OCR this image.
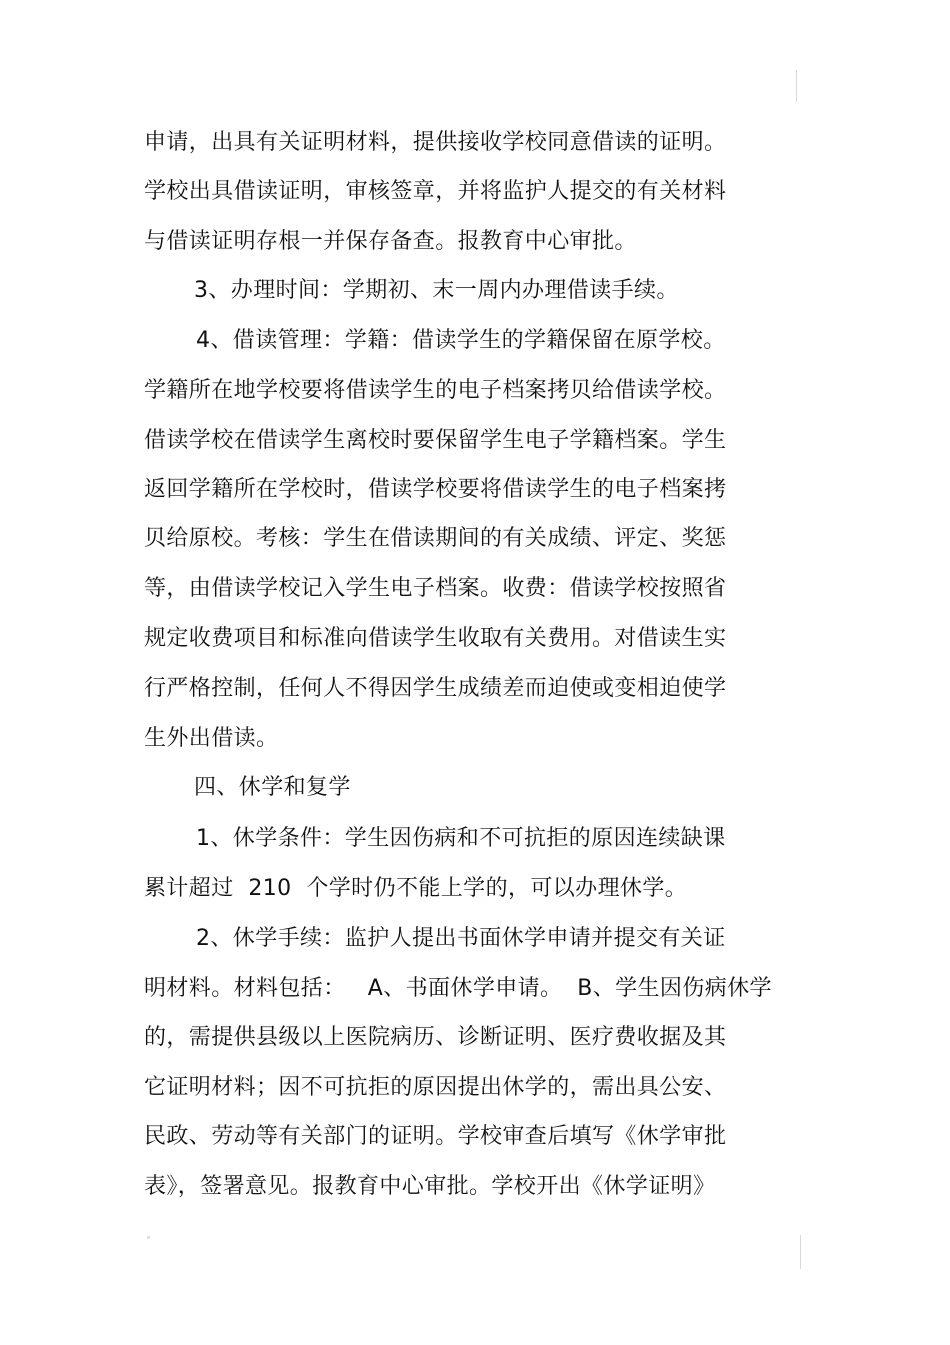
申请，出具有关证明材料，提供接收学校同意借读的证明。
学校出具借读证明，审核签章，并将监护人提交的有关材料
与借读证明存根一并保存备查。报教育中心审批。
3、办理时间：学期初、末一周内办理借读手续。
4、借读管理：学籍：借读学生的学籍保留在原学校。
学籍所在地学校要将借读学生的电子档案拷贝给借读学校。
借读学校在借读学生离校时要保留学生电子学籍档案。学生
返回学籍所在学校时，借读学校要将借读学生的电子档案拷
贝给原校。考核：学生在借读期间的有关成绩、评定、奖惩
等，由借读学校记入学生电子档案。收费：借读学校按照省
规定收费项目和标准向借读学生收取有关费用。对借读生实
行严格控制，任何人不得因学生成绩差而迫使或变相迫使学
生外出借读。
四、休学和复学
1、休学条件：学生因伤病和不可抗拒的原因连续缺课
累计超过  210  个学时仍不能上学的，可以办理休学。
2、休学手续：监护人提出书面休学申请并提交有关证
明材料。材料包括：   A、书面休学申请。  B、学生因伤病休学
的，需提供县级以上医院病历、诊断证明、医疗费收据及其
它证明材料；因不可抗拒的原因提出休学的，需出具公安、
民政、劳动等有关部门的证明。学校审查后填写《休学审批
表》，签署意见。报教育中心审批。学校开出《休学证明》
